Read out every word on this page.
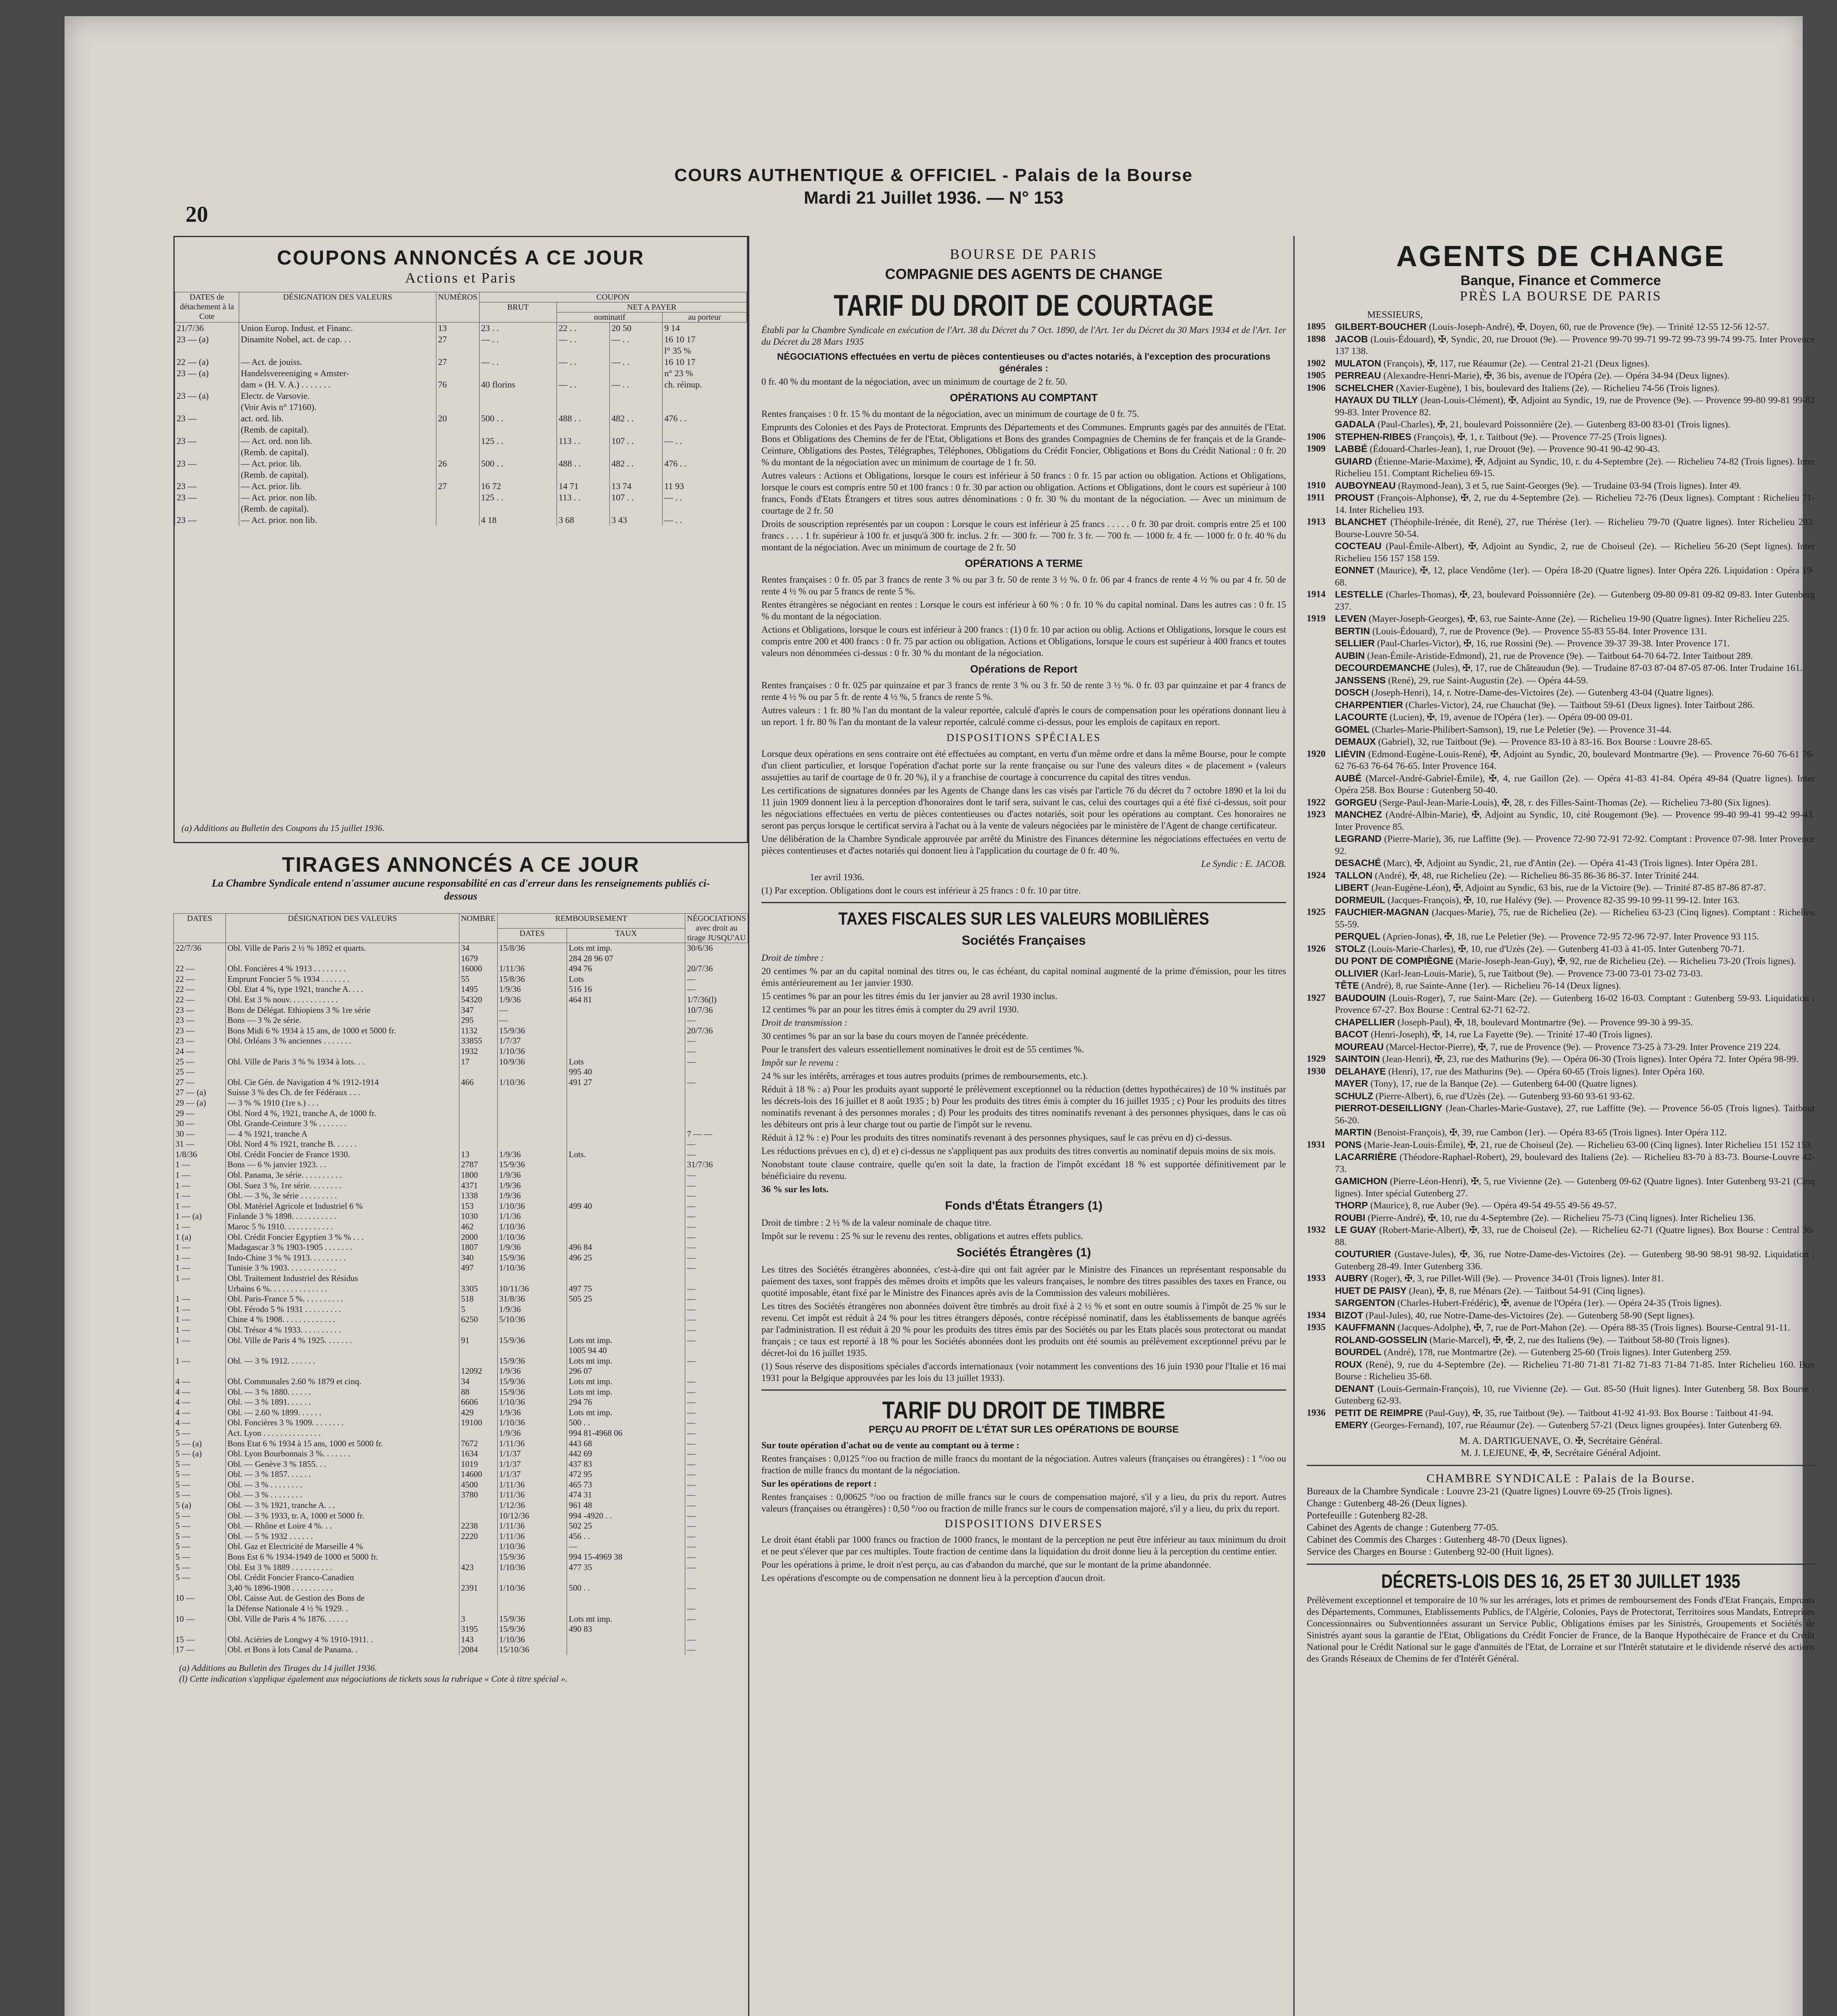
20
COURS AUTHENTIQUE & OFFICIEL - Palais de la Bourse
Mardi 21 Juillet 1936. — N° 153
COUPONS ANNONCÉS A CE JOUR
Actions et Paris
DATES de détachement à la Cote	DÉSIGNATION DES VALEURS	NUMÉROS	COUPON			
			BRUT	NET A PAYER		
				nominatif		au porteur
21/7/36	Union Europ. Indust. et Financ.	13	23 . .	22 . .	20 50	9 14
23 — (a)	Dinamite Nobel, act. de cap. . .	27	— . .	— . .	— . .	16 10 17
						l° 35 %
22 — (a)	— Act. de jouiss.	27	— . .	— . .	— . .	16 10 17
23 — (a)	Handelsvereeniging « Amster-					n° 23 %
	dam » (H. V. A.) . . . . . . .	76	40 florins	— . .	— . .	ch. réinup.
23 — (a)	Electr. de Varsovie.					
	(Voir Avis n° 17160).					
23 —	act. ord. lib.	20	500 . .	488 . .	482 . .	476 . .
	(Remb. de capital).					
23 —	— Act. ord. non lib.		125 . .	113 . .	107 . .	— . .
	(Remb. de capital).					
23 —	— Act. prior. lib.	26	500 . .	488 . .	482 . .	476 . .
	(Remb. de capital).					
23 —	— Act. prior. lib.	27	16 72	14 71	13 74	11 93
23 —	— Act. prior. non lib.		125 . .	113 . .	107 . .	— . .
	(Remb. de capital).					
23 —	— Act. prior. non lib.		4 18	3 68	3 43	— . .
(a) Additions au Bulletin des Coupons du 15 juillet 1936.
TIRAGES ANNONCÉS A CE JOUR
La Chambre Syndicale entend n'assumer aucune responsabilité en cas d'erreur dans les renseignements publiés ci-dessous
DATES	DÉSIGNATION DES VALEURS	NOMBRE	REMBOURSEMENT		NÉGOCIATIONS avec droit au tirage JUSQU'AU
			DATES	TAUX	
22/7/36	Obl. Ville de Paris 2 ½ % 1892 et quarts.	34	15/8/36	Lots mt imp.	30/6/36
		1679		284 28 96 07	
22 —	Obl. Foncières 4 % 1913 . . . . . . . .	16000	1/11/36	494 76	20/7/36
22 —	Emprunt Foncier 5 % 1934 . . . . . . .	55	15/8/36	Lots	—
22 —	Obl. Etat 4 %, type 1921, tranche A. . . .	1495	1/9/36	516 16	—
22 —	Obl. Est 3 % nouv. . . . . . . . . . . .	54320	1/9/36	464 81	1/7/36(l)
23 —	Bons de Délégat. Ethiopiens 3 % 1re série	347	—		10/7/36
23 —	Bons — 3 % 2e série.	295	—		—
23 —	Bons Midi 6 % 1934 à 15 ans, de 1000 et 5000 fr.	1132	15/9/36		20/7/36
23 —	Obl. Orléans 3 % anciennes . . . . . . .	33855	1/7/37		—
24 —		1932	1/10/36		—
25 —	Obl. Ville de Paris 3 % % 1934 à lots. . .	17	10/9/36	Lots	—
25 —				995 40	
27 —	Obl. Cie Gén. de Navigation 4 % 1912-1914	466	1/10/36	491 27	—
27 — (a)	Suisse 3 % des Ch. de fer Fédéraux . . .				
29 — (a)	— 3 % % 1910 (1re s.) . . .				
29 —	Obl. Nord 4 %, 1921, tranche A, de 1000 fr.				
30 —	Obl. Grande-Ceinture 3 % . . . . . . .				
30 —	— 4 % 1921, tranche A				7 — —
31 —	Obl. Nord 4 % 1921, tranche B. . . . . .				—
1/8/36	Obl. Crédit Foncier de France 1930.	13	1/9/36	Lots.	—
1 —	Bons — 6 % janvier 1923. . .	2787	15/9/36		31/7/36
1 —	Obl. Panama, 3e série. . . . . . . . . .	1800	1/9/36		—
1 —	Obl. Suez 3 %, 1re série. . . . . . . .	4371	1/9/36		—
1 —	Obl. — 3 %, 3e série . . . . . . . . .	1338	1/9/36		—
1 —	Obl. Matériel Agricole et Industriel 6 %	153	1/10/36	499 40	—
1 — (a)	Finlande 3 % 1898. . . . . . . . . . .	1030	1/1/36		—
1 —	Maroc 5 % 1910. . . . . . . . . . . .	462	1/10/36		—
1 (a)	Obl. Crédit Foncier Egyptien 3 % % . . .	2000	1/10/36		—
1 —	Madagascar 3 % 1903-1905 . . . . . . .	1807	1/9/36	496 84	—
1 —	Indo-Chine 3 % % 1913. . . . . . . . .	340	15/9/36	496 25	—
1 —	Tunisie 3 % 1903. . . . . . . . . . . .	497	1/10/36		—
1 —	Obl. Traitement Industriel des Résidus				
	Urbains 6 %. . . . . . . . . . . . . .	3305	10/11/36	497 75	—
1 —	Obl. Paris-France 5 %. . . . . . . . . .	518	31/8/36	505 25	—
1 —	Obl. Férodo 5 % 1931 . . . . . . . . .	5	1/9/36		—
1 —	Chine 4 % 1908. . . . . . . . . . . . .	6250	5/10/36		—
1 —	Obl. Trésor 4 % 1933. . . . . . . . . .				—
1 —	Obl. Ville de Paris 4 % 1925. . . . . . .	91	15/9/36	Lots mt imp.	—
				1005 94 40	
1 —	Obl. — 3 % 1912. . . . . . .		15/9/36	Lots mt imp.	—
		12092	1/9/36	296 07	
4 —	Obl. Communales 2.60 % 1879 et cinq.	34	15/9/36	Lots mt imp.	—
4 —	Obl. — 3 % 1880. . . . . .	88	15/9/36	Lots mt imp.	—
4 —	Obl. — 3 % 1891. . . . . .	6606	1/10/36	294 76	—
4 —	Obl. — 2.60 % 1899. . . . . .	429	1/9/36	Lots mt imp.	—
4 —	Obl. Foncières 3 % 1909. . . . . . . .	19100	1/10/36	500 . .	—
5 —	Act. Lyon . . . . . . . . . . . . . .		1/9/36	994 81-4968 06	—
5 — (a)	Bons Etat 6 % 1934 à 15 ans, 1000 et 5000 fr.	7672	1/11/36	443 68	—
5 — (a)	Obl. Lyon Bourbonnais 3 %. . . . . . .	1634	1/1/37	442 69	—
5 —	Obl. — Genève 3 % 1855. . .	1019	1/1/37	437 83	—
5 —	Obl. — 3 % 1857. . . . . .	14600	1/1/37	472 95	—
5 —	Obl. — 3 % . . . . . . . .	4500	1/11/36	465 73	—
5 —	Obl. — 3 % . . . . . . . .	3780	1/11/36	474 31	—
5 (a)	Obl. — 3 % 1921, tranche A. . .		1/12/36	961 48	—
5 —	Obl. — 3 % 1933, tr. A, 1000 et 5000 fr.		10/12/36	994 -4920 . .	—
5 —	Obl. — Rhône et Loire 4 %. . .	2238	1/11/36	502 25	—
5 —	Obl. — 5 % 1932 . . . . . .	2220	1/11/36	456 . .	—
5 —	Obl. Gaz et Electricité de Marseille 4 %		1/10/36	—	—
5 —	Bons Est 6 % 1934-1949 de 1000 et 5000 fr.		15/9/36	994 15-4969 38	—
5 —	Obl. Est 3 % 1889 . . . . . . . . . .	423	1/10/36	477 35	—
5 —	Obl. Crédit Foncier Franco-Canadien				
	3,40 % 1896-1908 . . . . . . . . . .	2391	1/10/36	500 . .	—
10 —	Obl. Caisse Aut. de Gestion des Bons de				
	la Défense Nationale 4 ½ % 1929. .				—
10 —	Obl. Ville de Paris 4 % 1876. . . . . .	3	15/9/36	Lots mt imp.	—
		3195	15/9/36	490 83	
15 —	Obl. Aciéries de Longwy 4 % 1910-1911. .	143	1/10/36		—
17 —	Obl. et Bons à lots Canal de Panama. .	2084	15/10/36		—
(a) Additions au Bulletin des Tirages du 14 juillet 1936.
(l) Cette indication s'applique également aux négociations de tickets sous la rubrique « Cote à titre spécial ».
BOURSE DE PARIS
COMPAGNIE DES AGENTS DE CHANGE
TARIF DU DROIT DE COURTAGE
Établi par la Chambre Syndicale en exécution de l'Art. 38 du Décret du 7 Oct. 1890, de l'Art. 1er du Décret du 30 Mars 1934 et de l'Art. 1er du Décret du 28 Mars 1935
NÉGOCIATIONS effectuées en vertu de pièces contentieuses ou d'actes notariés, à l'exception des procurations générales :
0 fr. 40 % du montant de la négociation, avec un minimum de courtage de 2 fr. 50.
OPÉRATIONS AU COMPTANT
Rentes françaises : 0 fr. 15 % du montant de la négociation, avec un minimum de courtage de 0 fr. 75.
Emprunts des Colonies et des Pays de Protectorat. Emprunts des Départements et des Communes. Emprunts gagés par des annuités de l'Etat. Bons et Obligations des Chemins de fer de l'Etat, Obligations et Bons des grandes Compagnies de Chemins de fer français et de la Grande-Ceinture, Obligations des Postes, Télégraphes, Téléphones, Obligations du Crédit Foncier, Obligations et Bons du Crédit National : 0 fr. 20 % du montant de la négociation avec un minimum de courtage de 1 fr. 50.
Autres valeurs : Actions et Obligations, lorsque le cours est inférieur à 50 francs : 0 fr. 15 par action ou obligation. Actions et Obligations, lorsque le cours est compris entre 50 et 100 francs : 0 fr. 30 par action ou obligation. Actions et Obligations, dont le cours est supérieur à 100 francs, Fonds d'Etats Étrangers et titres sous autres dénominations : 0 fr. 30 % du montant de la négociation. — Avec un minimum de courtage de 2 fr. 50
Droits de souscription représentés par un coupon : Lorsque le cours est inférieur à 25 francs . . . . . 0 fr. 30 par droit. compris entre 25 et 100 francs . . . . 1 fr. supérieur à 100 fr. et jusqu'à 300 fr. inclus. 2 fr. — 300 fr. — 700 fr. 3 fr. — 700 fr. — 1000 fr. 4 fr. — 1000 fr. 0 fr. 40 % du montant de la négociation. Avec un minimum de courtage de 2 fr. 50
OPÉRATIONS A TERME
Rentes françaises : 0 fr. 05 par 3 francs de rente 3 % ou par 3 fr. 50 de rente 3 ½ %. 0 fr. 06 par 4 francs de rente 4 ½ % ou par 4 fr. 50 de rente 4 ½ % ou par 5 francs de rente 5 %.
Rentes étrangères se négociant en rentes : Lorsque le cours est inférieur à 60 % : 0 fr. 10 % du capital nominal. Dans les autres cas : 0 fr. 15 % du montant de la négociation.
Actions et Obligations, lorsque le cours est inférieur à 200 francs : (1) 0 fr. 10 par action ou oblig. Actions et Obligations, lorsque le cours est compris entre 200 et 400 francs : 0 fr. 75 par action ou obligation. Actions et Obligations, lorsque le cours est supérieur à 400 francs et toutes valeurs non dénommées ci-dessus : 0 fr. 30 % du montant de la négociation.
Opérations de Report
Rentes françaises : 0 fr. 025 par quinzaine et par 3 francs de rente 3 % ou 3 fr. 50 de rente 3 ½ %. 0 fr. 03 par quinzaine et par 4 francs de rente 4 ½ % ou par 5 fr. de rente 4 ½ %, 5 francs de rente 5 %.
Autres valeurs : 1 fr. 80 % l'an du montant de la valeur reportée, calculé d'après le cours de compensation pour les opérations donnant lieu à un report. 1 fr. 80 % l'an du montant de la valeur reportée, calculé comme ci-dessus, pour les emplois de capitaux en report.
DISPOSITIONS SPÉCIALES
Lorsque deux opérations en sens contraire ont été effectuées au comptant, en vertu d'un même ordre et dans la même Bourse, pour le compte d'un client particulier, et lorsque l'opération d'achat porte sur la rente française ou sur l'une des valeurs dites « de placement » (valeurs assujetties au tarif de courtage de 0 fr. 20 %), il y a franchise de courtage à concurrence du capital des titres vendus.
Les certifications de signatures données par les Agents de Change dans les cas visés par l'article 76 du décret du 7 octobre 1890 et la loi du 11 juin 1909 donnent lieu à la perception d'honoraires dont le tarif sera, suivant le cas, celui des courtages qui a été fixé ci-dessus, soit pour les négociations effectuées en vertu de pièces contentieuses ou d'actes notariés, soit pour les opérations au comptant. Ces honoraires ne seront pas perçus lorsque le certificat servira à l'achat ou à la vente de valeurs négociées par le ministère de l'Agent de change certificateur.
Une délibération de la Chambre Syndicale approuvée par arrêté du Ministre des Finances détermine les négociations effectuées en vertu de pièces contentieuses et d'actes notariés qui donnent lieu à l'application du courtage de 0 fr. 40 %.
Le Syndic : E. JACOB.
1er avril 1936.
(1) Par exception. Obligations dont le cours est inférieur à 25 francs : 0 fr. 10 par titre.
TAXES FISCALES SUR LES VALEURS MOBILIÈRES
Sociétés Françaises
Droit de timbre :
20 centimes % par an du capital nominal des titres ou, le cas échéant, du capital nominal augmenté de la prime d'émission, pour les titres émis antérieurement au 1er janvier 1930.
15 centimes % par an pour les titres émis du 1er janvier au 28 avril 1930 inclus.
12 centimes % par an pour les titres émis à compter du 29 avril 1930.
Droit de transmission :
30 centimes % par an sur la base du cours moyen de l'année précédente.
Pour le transfert des valeurs essentiellement nominatives le droit est de 55 centimes %.
Impôt sur le revenu :
24 % sur les intérêts, arrérages et tous autres produits (primes de remboursements, etc.).
Réduit à 18 % : a) Pour les produits ayant supporté le prélèvement exceptionnel ou la réduction (dettes hypothécaires) de 10 % institués par les décrets-lois des 16 juillet et 8 août 1935 ; b) Pour les produits des titres émis à compter du 16 juillet 1935 ; c) Pour les produits des titres nominatifs revenant à des personnes morales ; d) Pour les produits des titres nominatifs revenant à des personnes physiques, dans le cas où les débiteurs ont pris à leur charge tout ou partie de l'impôt sur le revenu.
Réduit à 12 % : e) Pour les produits des titres nominatifs revenant à des personnes physiques, sauf le cas prévu en d) ci-dessus.
Les réductions prévues en c), d) et e) ci-dessus ne s'appliquent pas aux produits des titres convertis au nominatif depuis moins de six mois.
Nonobstant toute clause contraire, quelle qu'en soit la date, la fraction de l'impôt excédant 18 % est supportée définitivement par le bénéficiaire du revenu.
36 % sur les lots.
Fonds d'États Étrangers (1)
Droit de timbre : 2 ½ % de la valeur nominale de chaque titre.
Impôt sur le revenu : 25 % sur le revenu des rentes, obligations et autres effets publics.
Sociétés Étrangères (1)
Les titres des Sociétés étrangères abonnées, c'est-à-dire qui ont fait agréer par le Ministre des Finances un représentant responsable du paiement des taxes, sont frappés des mêmes droits et impôts que les valeurs françaises, le nombre des titres passibles des taxes en France, ou quotité imposable, étant fixé par le Ministre des Finances après avis de la Commission des valeurs mobilières.
Les titres des Sociétés étrangères non abonnées doivent être timbrés au droit fixé à 2 ½ % et sont en outre soumis à l'impôt de 25 % sur le revenu. Cet impôt est réduit à 24 % pour les titres étrangers déposés, contre récépissé nominatif, dans les établissements de banque agréés par l'administration. Il est réduit à 20 % pour les produits des titres émis par des Sociétés ou par les Etats placés sous protectorat ou mandat français ; ce taux est reporté à 18 % pour les Sociétés abonnées dont les produits ont été soumis au prélèvement exceptionnel prévu par le décret-loi du 16 juillet 1935.
(1) Sous réserve des dispositions spéciales d'accords internationaux (voir notamment les conventions des 16 juin 1930 pour l'Italie et 16 mai 1931 pour la Belgique approuvées par les lois du 13 juillet 1933).
TARIF DU DROIT DE TIMBRE
PERÇU AU PROFIT DE L'ÉTAT SUR LES OPÉRATIONS DE BOURSE
Sur toute opération d'achat ou de vente au comptant ou à terme :
Rentes françaises : 0,0125 °/oo ou fraction de mille francs du montant de la négociation. Autres valeurs (françaises ou étrangères) : 1 °/oo ou fraction de mille francs du montant de la négociation.
Sur les opérations de report :
Rentes françaises : 0,00625 °/oo ou fraction de mille francs sur le cours de compensation majoré, s'il y a lieu, du prix du report. Autres valeurs (françaises ou étrangères) : 0,50 °/oo ou fraction de mille francs sur le cours de compensation majoré, s'il y a lieu, du prix du report.
DISPOSITIONS DIVERSES
Le droit étant établi par 1000 francs ou fraction de 1000 francs, le montant de la perception ne peut être inférieur au taux minimum du droit et ne peut s'élever que par ces multiples. Toute fraction de centime dans la liquidation du droit donne lieu à la perception du centime entier.
Pour les opérations à prime, le droit n'est perçu, au cas d'abandon du marché, que sur le montant de la prime abandonnée.
Les opérations d'escompte ou de compensation ne donnent lieu à la perception d'aucun droit.
AGENTS DE CHANGE
Banque, Finance et Commerce
PRÈS LA BOURSE DE PARIS
MESSIEURS,
1895 GILBERT-BOUCHER (Louis-Joseph-André), ✠, Doyen, 60, rue de Provence (9e). — Trinité 12-55 12-56 12-57.
1898 JACOB (Louis-Édouard), ✠, Syndic, 20, rue Drouot (9e). — Provence 99-70 99-71 99-72 99-73 99-74 99-75. Inter Provence 137 138.
1902 MULATON (François), ✠, 117, rue Réaumur (2e). — Central 21-21 (Deux lignes).
1905 PERREAU (Alexandre-Henri-Marie), ✠, 36 bis, avenue de l'Opéra (2e). — Opéra 34-94 (Deux lignes).
1906 SCHELCHER (Xavier-Eugène), 1 bis, boulevard des Italiens (2e). — Richelieu 74-56 (Trois lignes).
HAYAUX DU TILLY (Jean-Louis-Clément), ✠, Adjoint au Syndic, 19, rue de Provence (9e). — Provence 99-80 99-81 99-82 99-83. Inter Provence 82.
GADALA (Paul-Charles), ✠, 21, boulevard Poissonnière (2e). — Gutenberg 83-00 83-01 (Trois lignes).
1906 STEPHEN-RIBES (François), ✠, 1, r. Taitbout (9e). — Provence 77-25 (Trois lignes).
1909 LABBÉ (Édouard-Charles-Jean), 1, rue Drouot (9e). — Provence 90-41 90-42 90-43.
GUIARD (Étienne-Marie-Maxime), ✠, Adjoint au Syndic, 10, r. du 4-Septembre (2e). — Richelieu 74-82 (Trois lignes). Inter Richelieu 151. Comptant Richelieu 69-15.
1910 AUBOYNEAU (Raymond-Jean), 3 et 5, rue Saint-Georges (9e). — Trudaine 03-94 (Trois lignes). Inter 49.
1911	PROUST (François-Alphonse), ✠, 2, rue du 4-Septembre (2e). — Richelieu 72-76 (Deux lignes). Comptant : Richelieu 71-14. Inter Richelieu 193.
1913 BLANCHET (Théophile-Irénée, dit René), 27, rue Thérèse (1er). — Richelieu 79-70 (Quatre lignes). Inter Richelieu 283. Bourse-Louvre 50-54.
COCTEAU (Paul-Émile-Albert), ✠, Adjoint au Syndic, 2, rue de Choiseul (2e). — Richelieu 56-20 (Sept lignes). Inter Richelieu 156 157 158 159.
EONNET (Maurice), ✠, 12, place Vendôme (1er). — Opéra 18-20 (Quatre lignes). Inter Opéra 226. Liquidation : Opéra 19-68.
1914 LESTELLE (Charles-Thomas), ✠, 23, boulevard Poissonnière (2e). — Gutenberg 09-80 09-81 09-82 09-83. Inter Gutenberg 237.
1919 LEVEN (Mayer-Joseph-Georges), ✠, 63, rue Sainte-Anne (2e). — Richelieu 19-90 (Quatre lignes). Inter Richelieu 225.
BERTIN (Louis-Édouard), 7, rue de Provence (9e). — Provence 55-83 55-84. Inter Provence 131.
SELLIER (Paul-Charles-Victor), ✠, 16, rue Rossini (9e). — Provence 39-37 39-38. Inter Provence 171.
AUBIN (Jean-Émile-Aristide-Edmond), 21, rue de Provence (9e). — Taitbout 64-70 64-72. Inter Taitbout 289.
DECOURDEMANCHE (Jules), ✠, 17, rue de Châteaudun (9e). — Trudaine 87-03 87-04 87-05 87-06. Inter Trudaine 161.
JANSSENS (René), 29, rue Saint-Augustin (2e). — Opéra 44-59.
DOSCH (Joseph-Henri), 14, r. Notre-Dame-des-Victoires (2e). — Gutenberg 43-04 (Quatre lignes).
CHARPENTIER (Charles-Victor), 24, rue Chauchat (9e). — Taitbout 59-61 (Deux lignes). Inter Taitbout 286.
LACOURTE (Lucien), ✠, 19, avenue de l'Opéra (1er). — Opéra 09-00 09-01.
GOMEL (Charles-Marie-Philibert-Samson), 19, rue Le Peletier (9e). — Provence 31-44.
DEMAUX (Gabriel), 32, rue Taitbout (9e). — Provence 83-10 à 83-16. Box Bourse : Louvre 28-65.
1920 LIÉVIN (Edmond-Eugène-Louis-René), ✠, Adjoint au Syndic, 20, boulevard Montmartre (9e). — Provence 76-60 76-61 76-62 76-63 76-64 76-65. Inter Provence 164.
AUBÉ (Marcel-André-Gabriel-Émile), ✠, 4, rue Gaillon (2e). — Opéra 41-83 41-84. Opéra 49-84 (Quatre lignes). Inter Opéra 258. Box Bourse : Gutenberg 50-40.
1922 GORGEU (Serge-Paul-Jean-Marie-Louis), ✠, 28, r. des Filles-Saint-Thomas (2e). — Richelieu 73-80 (Six lignes).
1923 MANCHEZ (André-Albin-Marie), ✠, Adjoint au Syndic, 10, cité Rougemont (9e). — Provence 99-40 99-41 99-42 99-43. Inter Provence 85.
LEGRAND (Pierre-Marie), 36, rue Laffitte (9e). — Provence 72-90 72-91 72-92. Comptant : Provence 07-98. Inter Provence 92.
DESACHÉ (Marc), ✠, Adjoint au Syndic, 21, rue d'Antin (2e). — Opéra 41-43 (Trois lignes). Inter Opéra 281.
1924 TALLON (André), ✠, 48, rue Richelieu (2e). — Richelieu 86-35 86-36 86-37. Inter Trinité 244.
LIBERT (Jean-Eugène-Léon), ✠, Adjoint au Syndic, 63 bis, rue de la Victoire (9e). — Trinité 87-85 87-86 87-87.
DORMEUIL (Jacques-François), ✠, 10, rue Halévy (9e). — Provence 82-35 99-10 99-11 99-12. Inter 163.
1925 FAUCHIER-MAGNAN (Jacques-Marie), 75, rue de Richelieu (2e). — Richelieu 63-23 (Cinq lignes). Comptant : Richelieu 55-59.
PERQUEL (Aprien-Jonas), ✠, 18, rue Le Peletier (9e). — Provence 72-95 72-96 72-97. Inter Provence 93 115.
1926 STOLZ (Louis-Marie-Charles), ✠, 10, rue d'Uzès (2e). — Gutenberg 41-03 à 41-05. Inter Gutenberg 70-71.
DU PONT DE COMPIÈGNE (Marie-Joseph-Jean-Guy), ✠, 92, rue de Richelieu (2e). — Richelieu 73-20 (Trois lignes).
OLLIVIER (Karl-Jean-Louis-Marie), 5, rue Taitbout (9e). — Provence 73-00 73-01 73-02 73-03.
TÊTE (André), 8, rue Sainte-Anne (1er). — Richelieu 76-14 (Deux lignes).
1927 BAUDOUIN (Louis-Roger), 7, rue Saint-Marc (2e). — Gutenberg 16-02 16-03. Comptant : Gutenberg 59-93. Liquidation : Provence 67-27. Box Bourse : Central 62-71 62-72.
CHAPELLIER (Joseph-Paul), ✠, 18, boulevard Montmartre (9e). — Provence 99-30 à 99-35.
BACOT (Henri-Joseph), ✠, 14, rue La Fayette (9e). — Trinité 17-40 (Trois lignes).
MOUREAU (Marcel-Hector-Pierre), ✠, 7, rue de Provence (9e). — Provence 73-25 à 73-29. Inter Provence 219 224.
1929 SAINTOIN (Jean-Henri), ✠, 23, rue des Mathurins (9e). — Opéra 06-30 (Trois lignes). Inter Opéra 72. Inter Opéra 98-99.
1930 DELAHAYE (Henri), 17, rue des Mathurins (9e). — Opéra 60-65 (Trois lignes). Inter Opéra 160.
MAYER (Tony), 17, rue de la Banque (2e). — Gutenberg 64-00 (Quatre lignes).
SCHULZ (Pierre-Albert), 6, rue d'Uzès (2e). — Gutenberg 93-60 93-61 93-62.
PIERROT-DESEILLIGNY (Jean-Charles-Marie-Gustave), 27, rue Laffitte (9e). — Provence 56-05 (Trois lignes). Taitbout 56-20.
MARTIN (Benoist-François), ✠, 39, rue Cambon (1er). — Opéra 83-65 (Trois lignes). Inter Opéra 112.
1931 PONS (Marie-Jean-Louis-Émile), ✠, 21, rue de Choiseul (2e). — Richelieu 63-00 (Cinq lignes). Inter Richelieu 151 152 153.
LACARRIÈRE (Théodore-Raphael-Robert), 29, boulevard des Italiens (2e). — Richelieu 83-70 à 83-73. Bourse-Louvre 42-73.
GAMICHON (Pierre-Léon-Henri), ✠, 5, rue Vivienne (2e). — Gutenberg 09-62 (Quatre lignes). Inter Gutenberg 93-21 (Cinq lignes). Inter spécial Gutenberg 27.
THORP (Maurice), 8, rue Auber (9e). — Opéra 49-54 49-55 49-56 49-57.
ROUBI (Pierre-André), ✠, 10, rue du 4-Septembre (2e). — Richelieu 75-73 (Cinq lignes). Inter Richelieu 136.
1932 LE GUAY (Robert-Marie-Albert), ✠, 33, rue de Choiseul (2e). — Richelieu 62-71 (Quatre lignes). Box Bourse : Central 30-88.
COUTURIER (Gustave-Jules), ✠, 36, rue Notre-Dame-des-Victoires (2e). — Gutenberg 98-90 98-91 98-92. Liquidation : Gutenberg 28-49. Inter Gutenberg 336.
1933 AUBRY (Roger), ✠, 3, rue Pillet-Will (9e). — Provence 34-01 (Trois lignes). Inter 81.
HUET DE PAISY (Jean), ✠, 8, rue Ménars (2e). — Taitbout 54-91 (Cinq lignes).
SARGENTON (Charles-Hubert-Frédéric), ✠, avenue de l'Opéra (1er). — Opéra 24-35 (Trois lignes).
1934 BIZOT (Paul-Jules), 40, rue Notre-Dame-des-Victoires (2e). — Gutenberg 58-90 (Sept lignes).
1935 KAUFFMANN (Jacques-Adolphe), ✠, 7, rue de Port-Mahon (2e). — Opéra 88-35 (Trois lignes). Bourse-Central 91-11.
ROLAND-GOSSELIN (Marie-Marcel), ✠, ✠, 2, rue des Italiens (9e). — Taitbout 58-80 (Trois lignes).
BOURDEL (André), 178, rue Montmartre (2e). — Gutenberg 25-60 (Trois lignes). Inter Gutenberg 259.
ROUX (René), 9, rue du 4-Septembre (2e). — Richelieu 71-80 71-81 71-82 71-83 71-84 71-85. Inter Richelieu 160. Box Bourse : Richelieu 35-68.
DENANT (Louis-Germain-François), 10, rue Vivienne (2e). — Gut. 85-50 (Huit lignes). Inter Gutenberg 58. Box Bourse : Gutenberg 62-93.
1936 PETIT DE REIMPRE (Paul-Guy), ✠, 35, rue Taitbout (9e). — Taitbout 41-92 41-93. Box Bourse : Taitbout 41-94.
EMERY (Georges-Fernand), 107, rue Réaumur (2e). — Gutenberg 57-21 (Deux lignes groupées). Inter Gutenberg 69.
M. A. DARTIGUENAVE, O. ✠, Secrétaire Général.
M. J. LEJEUNE, ✠, ✠, Secrétaire Général Adjoint.
CHAMBRE SYNDICALE : Palais de la Bourse.
Bureaux de la Chambre Syndicale : Louvre 23-21 (Quatre lignes) Louvre 69-25 (Trois lignes).
Change : Gutenberg 48-26 (Deux lignes).
Portefeuille : Gutenberg 82-28.
Cabinet des Agents de change : Gutenberg 77-05.
Cabinet des Commis des Charges : Gutenberg 48-70 (Deux lignes).
Service des Charges en Bourse : Gutenberg 92-00 (Huit lignes).
DÉCRETS-LOIS DES 16, 25 ET 30 JUILLET 1935
Prélèvement exceptionnel et temporaire de 10 % sur les arrérages, lots et primes de remboursement des Fonds d'Etat Français, Emprunts des Départements, Communes, Etablissements Publics, de l'Algérie, Colonies, Pays de Protectorat, Territoires sous Mandats, Entreprises Concessionnaires ou Subventionnées assurant un Service Public, Obligations émises par les Sinistrés, Groupements et Sociétés de Sinistrés ayant sous la garantie de l'Etat, Obligations du Crédit Foncier de France, de la Banque Hypothécaire de France et du Crédit National pour le Crédit National sur le gage d'annuités de l'Etat, de Lorraine et sur l'Intérêt statutaire et le dividende réservé des actions des Grands Réseaux de Chemins de fer d'Intérêt Général.
